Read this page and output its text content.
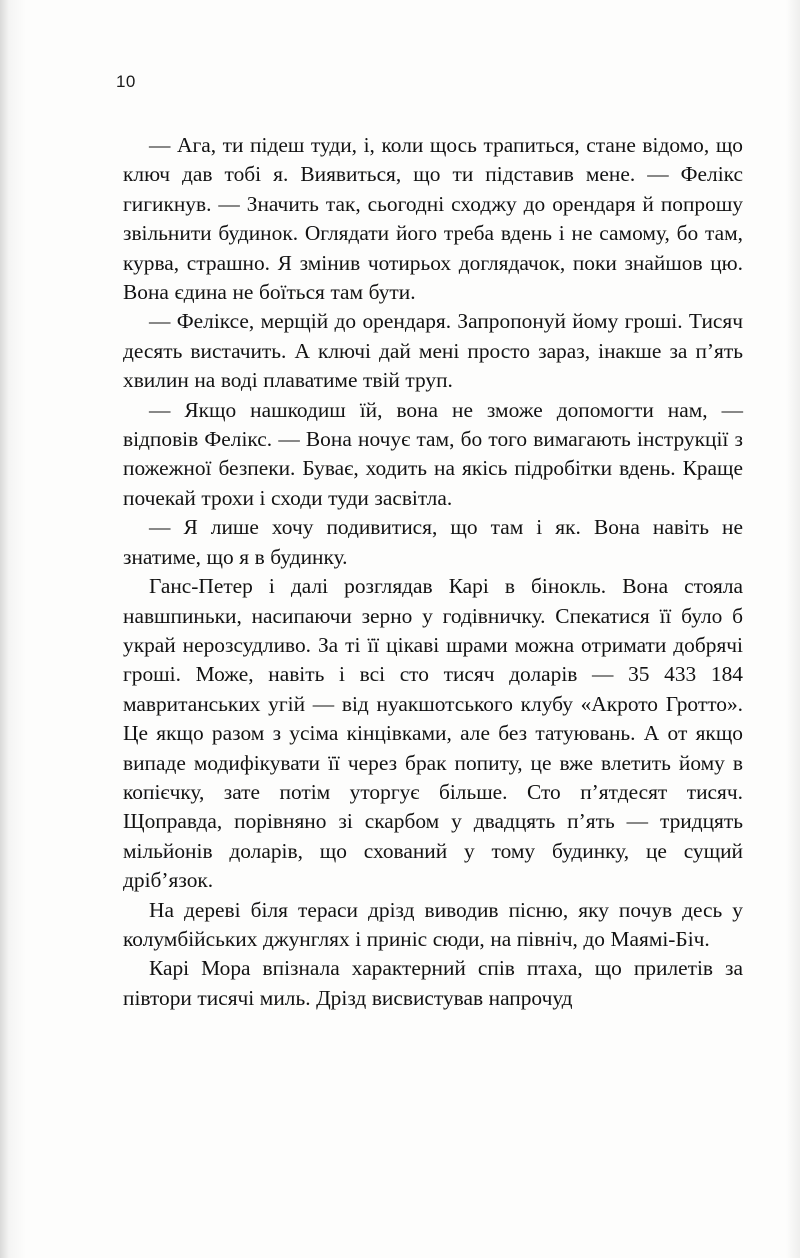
10

— Ага, ти підеш туди, і, коли щось трапиться, стане відомо, що ключ дав тобі я. Виявиться, що ти підставив мене. — Фелікс гигикнув. — Значить так, сьогодні сходжу до орендаря й попрошу звільнити будинок. Оглядати його треба вдень і не самому, бо там, курва, страшно. Я змінив чотирьох доглядачок, поки знайшов цю. Вона єдина не боїться там бути.

— Феліксе, мерщій до орендаря. Запропонуй йому гроші. Тисяч десять вистачить. А ключі дай мені просто зараз, інакше за п’ять хвилин на воді плаватиме твій труп.

— Якщо нашкодиш їй, вона не зможе допомогти нам, — відповів Фелікс. — Вона ночує там, бо того вимагають інструкції з пожежної безпеки. Буває, ходить на якісь підробітки вдень. Краще почекай трохи і сходи туди засвітла.

— Я лише хочу подивитися, що там і як. Вона навіть не знатиме, що я в будинку.

Ганс-Петер і далі розглядав Карі в бінокль. Вона стояла навшпиньки, насипаючи зерно у годівничку. Спекатися її було б украй нерозсудливо. За ті її цікаві шрами можна отримати добрячі гроші. Може, навіть і всі сто тисяч доларів — 35 433 184 мавританських угій — від нуакшотського клубу «Акрото Гротто». Це якщо разом з усіма кінцівками, але без татуювань. А от якщо випаде модифікувати її через брак попиту, це вже влетить йому в копієчку, зате потім уторгує більше. Сто п’ятдесят тисяч. Щоправда, порівняно зі скарбом у двадцять п’ять — тридцять мільйонів доларів, що схований у тому будинку, це сущий дріб’язок.

На дереві біля тераси дрізд виводив пісню, яку почув десь у колумбійських джунглях і приніс сюди, на північ, до Маямі-Біч.

Карі Мора впізнала характерний спів птаха, що прилетів за півтори тисячі миль. Дрізд висвистував напрочуд
